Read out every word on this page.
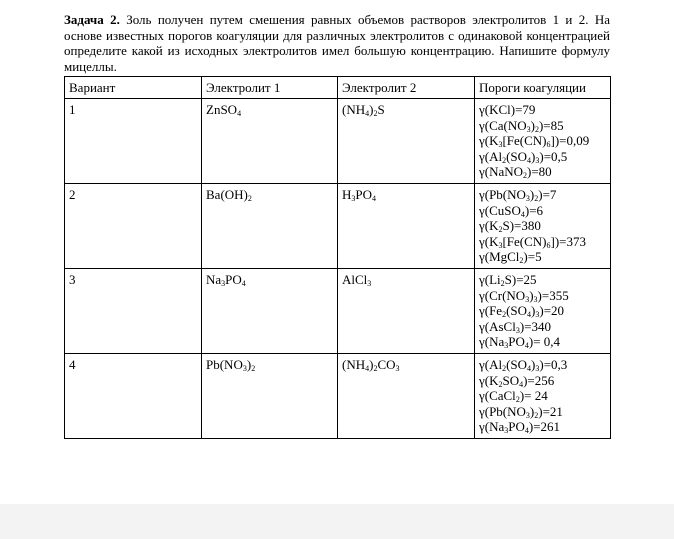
Задача 2. Золь получен путем смешения равных объемов растворов электролитов 1 и 2. На основе известных порогов коагуляции для различных электролитов с одинаковой концентрацией определите какой из исходных электролитов имел большую концентрацию. Напишите формулу мицеллы.
Вариант	Электролит 1	Электролит 2	Пороги коагуляции
1	ZnSO$_4$	$(NH_4)_2S$	γ(KCl)=79
$\gamma(Ca(NO_3)_2)=85$
$\gamma(K_3[Fe(CN)_6])=0,09$
$\gamma(Al_2(SO_4)_3)=0,5$
γ(NaNO$_2$)=80

2	$Ba(OH)_2$	$H_3PO_4$	$\gamma(Pb(NO_3)_2)=7$
γ(CuSO$_4$)=6
$\gamma(K_2S)=380$
$\gamma(K_3[Fe(CN)_6])=373$
γ(MgCl$_2$)=5

3	$Na_3PO_4$	AlCl$_3$	$\gamma(Li_2S)=25$
$\gamma(Cr(NO_3)_3)=355$
$\gamma(Fe_2(SO_4)_3)=20$
γ(AsCl$_3$)=340
$\gamma(Na_3PO_4)= 0,4$

4	$Pb(NO_3)_2$	$(NH_4)_2CO_3$	$\gamma(Al_2(SO_4)_3)=0,3$
$\gamma(K_2SO_4)=256$
γ(CaCl$_2$)= 24
$\gamma(Pb(NO_3)_2)=21$
$\gamma(Na_3PO_4)=261$
